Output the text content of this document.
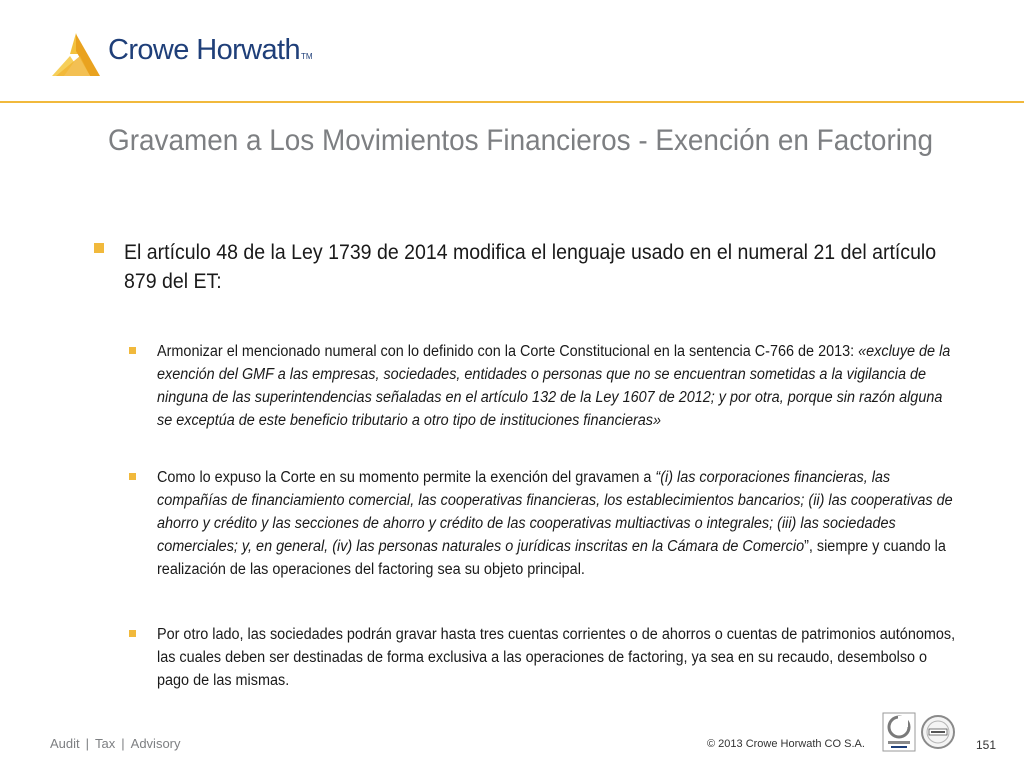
Crowe HorwathTM
Gravamen a Los Movimientos Financieros - Exención en Factoring
El artículo 48 de la Ley 1739 de 2014 modifica el lenguaje usado en el numeral 21 del artículo 879 del ET:
Armonizar el mencionado numeral con lo definido con la Corte Constitucional en la sentencia C-766 de 2013: «excluye de la exención del GMF a las empresas, sociedades, entidades o personas que no se encuentran sometidas a la vigilancia de ninguna de las superintendencias señaladas en el artículo 132 de la Ley 1607 de 2012; y por otra, porque sin razón alguna se exceptúa de este beneficio tributario a otro tipo de instituciones financieras»
Como lo expuso la Corte en su momento permite la exención del gravamen a “(i) las corporaciones financieras, las compañías de financiamiento comercial, las cooperativas financieras, los establecimientos bancarios; (ii) las cooperativas de ahorro y crédito y las secciones de ahorro y crédito de las cooperativas multiactivas o integrales; (iii) las sociedades comerciales; y, en general, (iv) las personas naturales o jurídicas inscritas en la Cámara de Comercio”, siempre y cuando la realización de las operaciones del factoring sea su objeto principal.
Por otro lado, las sociedades podrán gravar hasta tres cuentas corrientes o de ahorros o cuentas de patrimonios autónomos, las cuales deben ser destinadas de forma exclusiva a las operaciones de factoring, ya sea en su recaudo, desembolso o pago de las mismas.
Audit | Tax | Advisory	© 2013 Crowe Horwath CO S.A.	151
